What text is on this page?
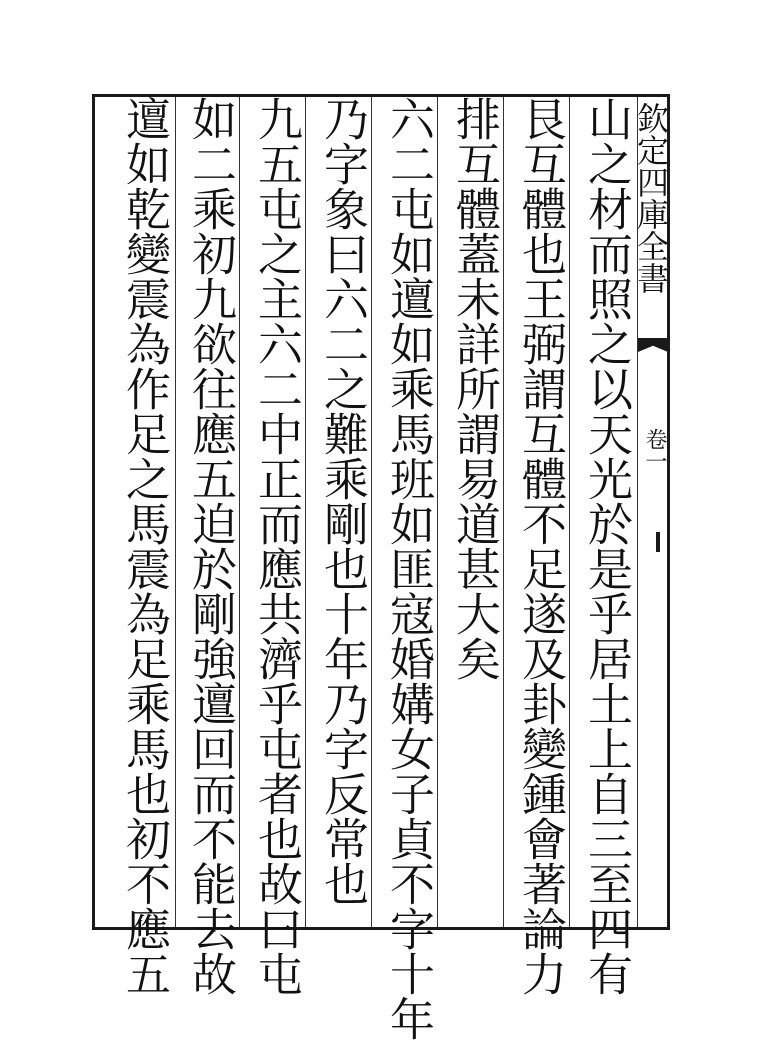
欽定四庫全書
卷一
山之材而照之以天光於是乎居土上自三至四有
艮互體也王弼謂互體不足遂及卦變鍾會著論力
排互體蓋未詳所謂易道甚大矣
六二屯如邅如乘馬班如匪寇婚媾女子貞不字十年
乃字象曰六二之難乘剛也十年乃字反常也
九五屯之主六二中正而應共濟乎屯者也故曰屯
如二乘初九欲往應五迫於剛強邅回而不能去故
邅如乾變震為作足之馬震為足乘馬也初不應五
